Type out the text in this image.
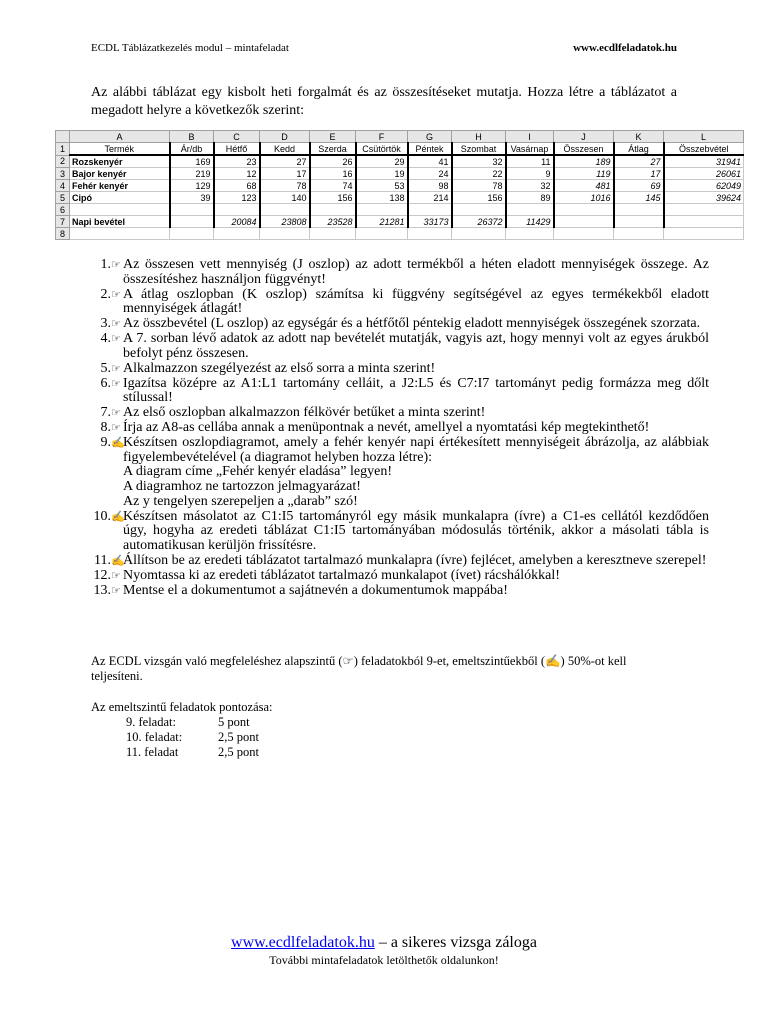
ECDL Táblázatkezelés modul – mintafeladat	www.ecdlfeladatok.hu
Az alábbi táblázat egy kisbolt heti forgalmát és az összesítéseket mutatja. Hozza létre a táblázatot a megadott helyre a következők szerint:
	A	B	C	D	E	F	G	H	I	J	K	L
1	Termék	Ár/db	Hétfő	Kedd	Szerda	Csütörtök	Péntek	Szombat	Vasárnap	Összesen	Átlag	Összebvétel
2	Rozskenyér	169	23	27	26	29	41	32	11	189	27	31941
3	Bajor kenyér	219	12	17	16	19	24	22	9	119	17	26061
4	Fehér kenyér	129	68	78	74	53	98	78	32	481	69	62049
5	Cipó	39	123	140	156	138	214	156	89	1016	145	39624
6												
7	Napi bevétel		20084	23808	23528	21281	33173	26372	11429			
8												
1. ☞ Az összesen vett mennyiség (J oszlop) az adott termékből a héten eladott mennyiségek összege. Az összesítéshez használjon függvényt!
2. ☞ A átlag oszlopban (K oszlop) számítsa ki függvény segítségével az egyes termékekből eladott mennyiségek átlagát!
3. ☞ Az összbevétel (L oszlop) az egységár és a hétfőtől péntekig eladott mennyiségek összegének szorzata.
4. ☞ A 7. sorban lévő adatok az adott nap bevételét mutatják, vagyis azt, hogy mennyi volt az egyes árukból befolyt pénz összesen.
5. ☞ Alkalmazzon szegélyezést az első sorra a minta szerint!
6. ☞ Igazítsa középre az A1:L1 tartomány celláit, a J2:L5 és C7:I7 tartományt pedig formázza meg dőlt stílussal!
7. ☞ Az első oszlopban alkalmazzon félkövér betűket a minta szerint!
8. ☞ Írja az A8-as cellába annak a menüpontnak a nevét, amellyel a nyomtatási kép megtekinthető!
9. ✍
Készítsen oszlopdiagramot, amely a fehér kenyér napi értékesített mennyiségeit ábrázolja, az alábbiak figyelembevételével (a diagramot helyben hozza létre):
A diagram címe „Fehér kenyér eladása” legyen!
A diagramhoz ne tartozzon jelmagyarázat!
Az y tengelyen szerepeljen a „darab” szó!
10. ✍
Készítsen másolatot az C1:I5 tartományról egy másik munkalapra (ívre) a C1-es cellától kezdődően úgy, hogyha az eredeti táblázat C1:I5 tartományában módosulás történik, akkor a másolati tábla is automatikusan kerüljön frissítésre.
11. ✍
Állítson be az eredeti táblázatot tartalmazó munkalapra (ívre) fejlécet, amelyben a keresztneve szerepel!
12. ☞ Nyomtassa ki az eredeti táblázatot tartalmazó munkalapot (ívet) rácshálókkal!
13. ☞ Mentse el a dokumentumot a sajátnevén a dokumentumok mappába!
Az ECDL vizsgán való megfeleléshez alapszintű (☞) feladatokból 9-et, emeltszintűekből (✍) 50%-ot kell teljesíteni.
Az emeltszintű feladatok pontozása:
9. feladat:	5 pont
10. feladat:	2,5 pont
11. feladat	2,5 pont
www.ecdlfeladatok.hu – a sikeres vizsga záloga
További mintafeladatok letölthetők oldalunkon!
